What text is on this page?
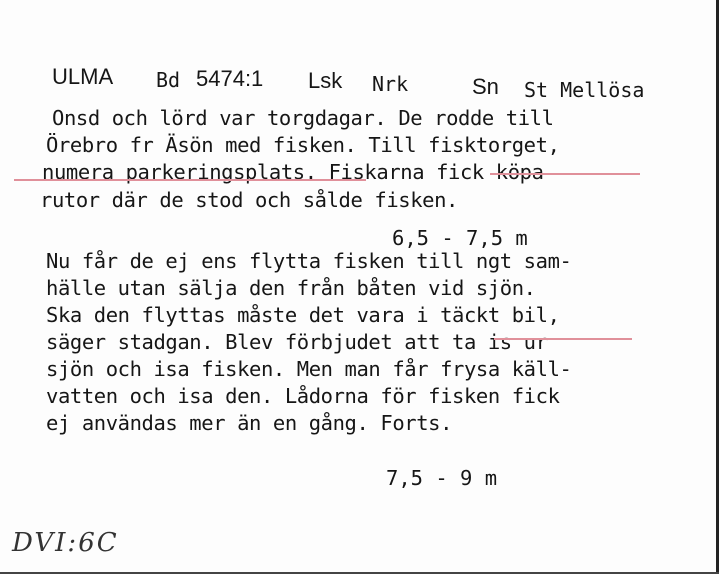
ULMA Bd 5474:1 Lsk Nrk	Sn St Mellösa
Onsd och lörd var torgdagar. De rodde till
Örebro fr Äsön med fisken. Till fisktorget,
numera parkeringsplats. Fiskarna fick köpa
rutor där de stod och sålde fisken.
6,5 - 7,5 m
Nu får de ej ens flytta fisken till ngt sam-
hälle utan sälja den från båten vid sjön.
Ska den flyttas måste det vara i täckt bil,
säger stadgan. Blev förbjudet att ta is ur
sjön och isa fisken. Men man får frysa käll-
vatten och isa den. Lådorna för fisken fick
ej användas mer än en gång. Forts.
7,5 - 9 m
DVI:6C
